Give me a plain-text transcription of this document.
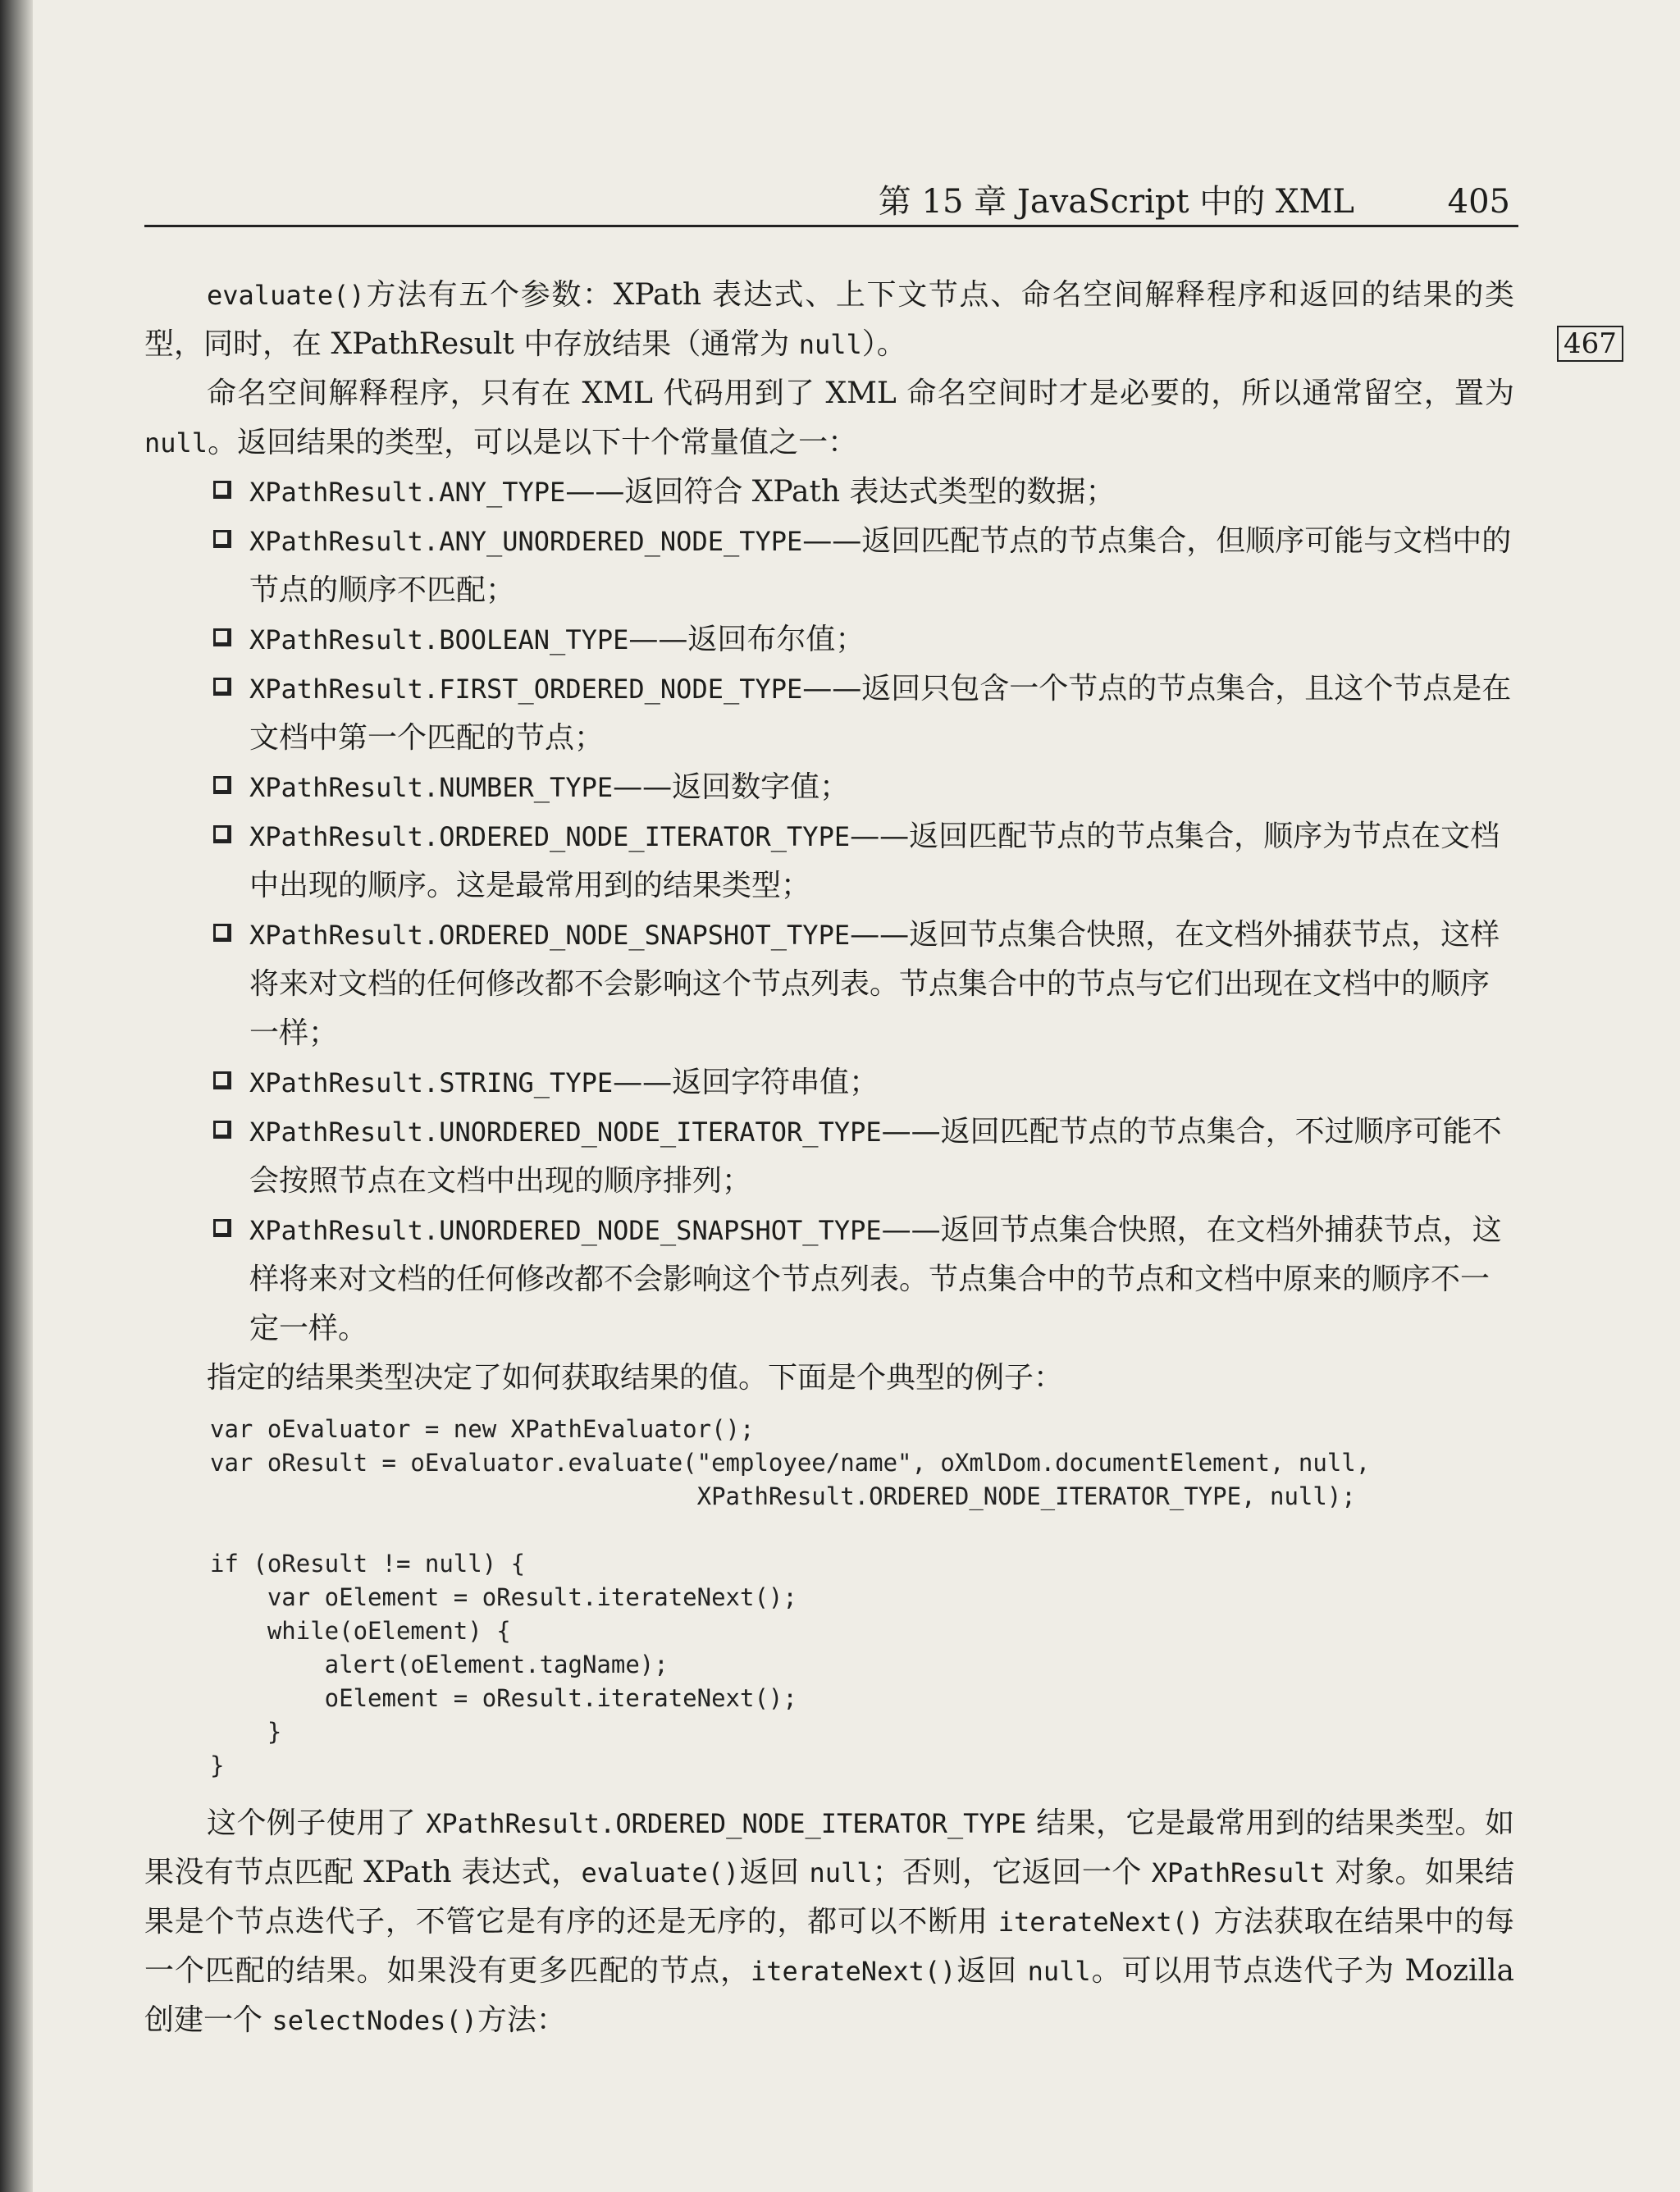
第 15 章 JavaScript 中的 XML	405
467

evaluate()方法有五个参数：XPath 表达式、上下文节点、命名空间解释程序和返回的结果的类型，同时，在 XPathResult 中存放结果（通常为 null）。

命名空间解释程序，只有在 XML 代码用到了 XML 命名空间时才是必要的，所以通常留空，置为 null。返回结果的类型，可以是以下十个常量值之一：

XPathResult.ANY_TYPE——返回符合 XPath 表达式类型的数据；
XPathResult.ANY_UNORDERED_NODE_TYPE——返回匹配节点的节点集合，但顺序可能与文档中的节点的顺序不匹配；
XPathResult.BOOLEAN_TYPE——返回布尔值；
XPathResult.FIRST_ORDERED_NODE_TYPE——返回只包含一个节点的节点集合，且这个节点是在文档中第一个匹配的节点；
XPathResult.NUMBER_TYPE——返回数字值；
XPathResult.ORDERED_NODE_ITERATOR_TYPE——返回匹配节点的节点集合，顺序为节点在文档中出现的顺序。这是最常用到的结果类型；
XPathResult.ORDERED_NODE_SNAPSHOT_TYPE——返回节点集合快照，在文档外捕获节点，这样将来对文档的任何修改都不会影响这个节点列表。节点集合中的节点与它们出现在文档中的顺序一样；
XPathResult.STRING_TYPE——返回字符串值；
XPathResult.UNORDERED_NODE_ITERATOR_TYPE——返回匹配节点的节点集合，不过顺序可能不会按照节点在文档中出现的顺序排列；
XPathResult.UNORDERED_NODE_SNAPSHOT_TYPE——返回节点集合快照，在文档外捕获节点，这样将来对文档的任何修改都不会影响这个节点列表。节点集合中的节点和文档中原来的顺序不一定一样。

指定的结果类型决定了如何获取结果的值。下面是个典型的例子：

var oEvaluator = new XPathEvaluator();
var oResult = oEvaluator.evaluate("employee/name", oXmlDom.documentElement, null,
XPathResult.ORDERED_NODE_ITERATOR_TYPE, null);

if (oResult != null) {
var oElement = oResult.iterateNext();
while(oElement) {
alert(oElement.tagName);
oElement = oResult.iterateNext();
}
}

这个例子使用了 XPathResult.ORDERED_NODE_ITERATOR_TYPE 结果，它是最常用到的结果类型。如果没有节点匹配 XPath 表达式，evaluate()返回 null；否则，它返回一个 XPathResult 对象。如果结果是个节点迭代子，不管它是有序的还是无序的，都可以不断用 iterateNext() 方法获取在结果中的每一个匹配的结果。如果没有更多匹配的节点，iterateNext()返回 null。可以用节点迭代子为 Mozilla 创建一个 selectNodes()方法：
